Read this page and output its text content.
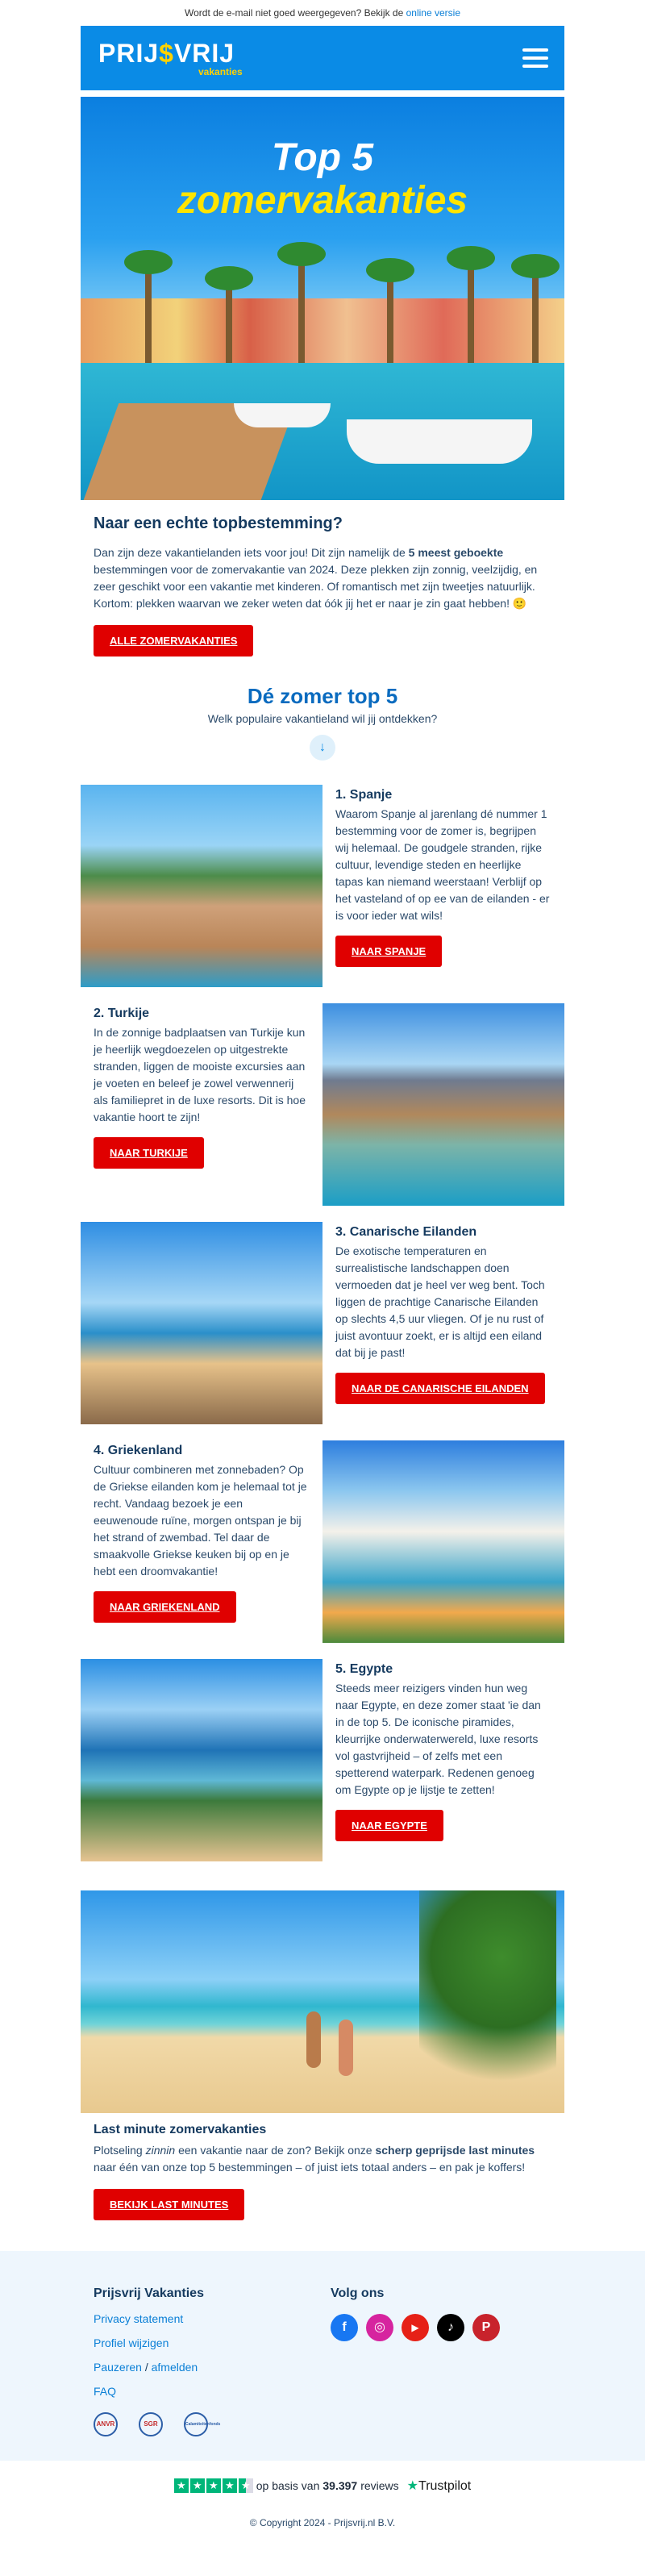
Wordt de e-mail niet goed weergegeven? Bekijk de online versie
PRIJ$VRIJ
vakanties
Top 5
zomervakanties
Naar een echte topbestemming?

Dan zijn deze vakantielanden iets voor jou! Dit zijn namelijk de 5 meest geboekte bestemmingen voor de zomervakantie van 2024. Deze plekken zijn zonnig, veelzijdig, en zeer geschikt voor een vakantie met kinderen. Of romantisch met zijn tweetjes natuurlijk. Kortom: plekken waarvan we zeker weten dat óók jij het er naar je zin gaat hebben! 🙂

ALLE ZOMERVAKANTIES
Dé zomer top 5
Welk populaire vakantieland wil jij ontdekken?
↓
1. Spanje

Waarom Spanje al jarenlang dé nummer 1 bestemming voor de zomer is, begrijpen wij helemaal. De goudgele stranden, rijke cultuur, levendige steden en heerlijke tapas kan niemand weerstaan! Verblijf op het vasteland of op ee van de eilanden - er is voor ieder wat wils!

NAAR SPANJE
2. Turkije

In de zonnige badplaatsen van Turkije kun je heerlijk wegdoezelen op uitgestrekte stranden, liggen de mooiste excursies aan je voeten en beleef je zowel verwennerij als familiepret in de luxe resorts. Dit is hoe vakantie hoort te zijn!

NAAR TURKIJE
3. Canarische Eilanden

De exotische temperaturen en surrealistische landschappen doen vermoeden dat je heel ver weg bent. Toch liggen de prachtige Canarische Eilanden op slechts 4,5 uur vliegen. Of je nu rust of juist avontuur zoekt, er is altijd een eiland dat bij je past!

NAAR DE CANARISCHE EILANDEN
4. Griekenland

Cultuur combineren met zonnebaden? Op de Griekse eilanden kom je helemaal tot je recht. Vandaag bezoek je een eeuwenoude ruïne, morgen ontspan je bij het strand of zwembad. Tel daar de smaakvolle Griekse keuken bij op en je hebt een droomvakantie!

NAAR GRIEKENLAND
5. Egypte

Steeds meer reizigers vinden hun weg naar Egypte, en deze zomer staat 'ie dan in de top 5. De iconische piramides, kleurrijke onderwaterwereld, luxe resorts vol gastvrijheid – of zelfs met een spetterend waterpark. Redenen genoeg om Egypte op je lijstje te zetten!

NAAR EGYPTE
Last minute zomervakanties

Plotseling zinnin een vakantie naar de zon? Bekijk onze scherp geprijsde last minutes naar één van onze top 5 bestemmingen – of juist iets totaal anders – en pak je koffers!

BEKIJK LAST MINUTES
Prijsvrij Vakanties
Privacy statement
Profiel wijzigen
Pauzeren / afmelden
FAQ
ANVR	SGR	Calamiteitenfonds
Volg ons
f	◎	▶	♪	P
★ ★ ★ ★ ★ op basis van 39.397 reviews ★Trustpilot
© Copyright 2024 - Prijsvrij.nl B.V.
